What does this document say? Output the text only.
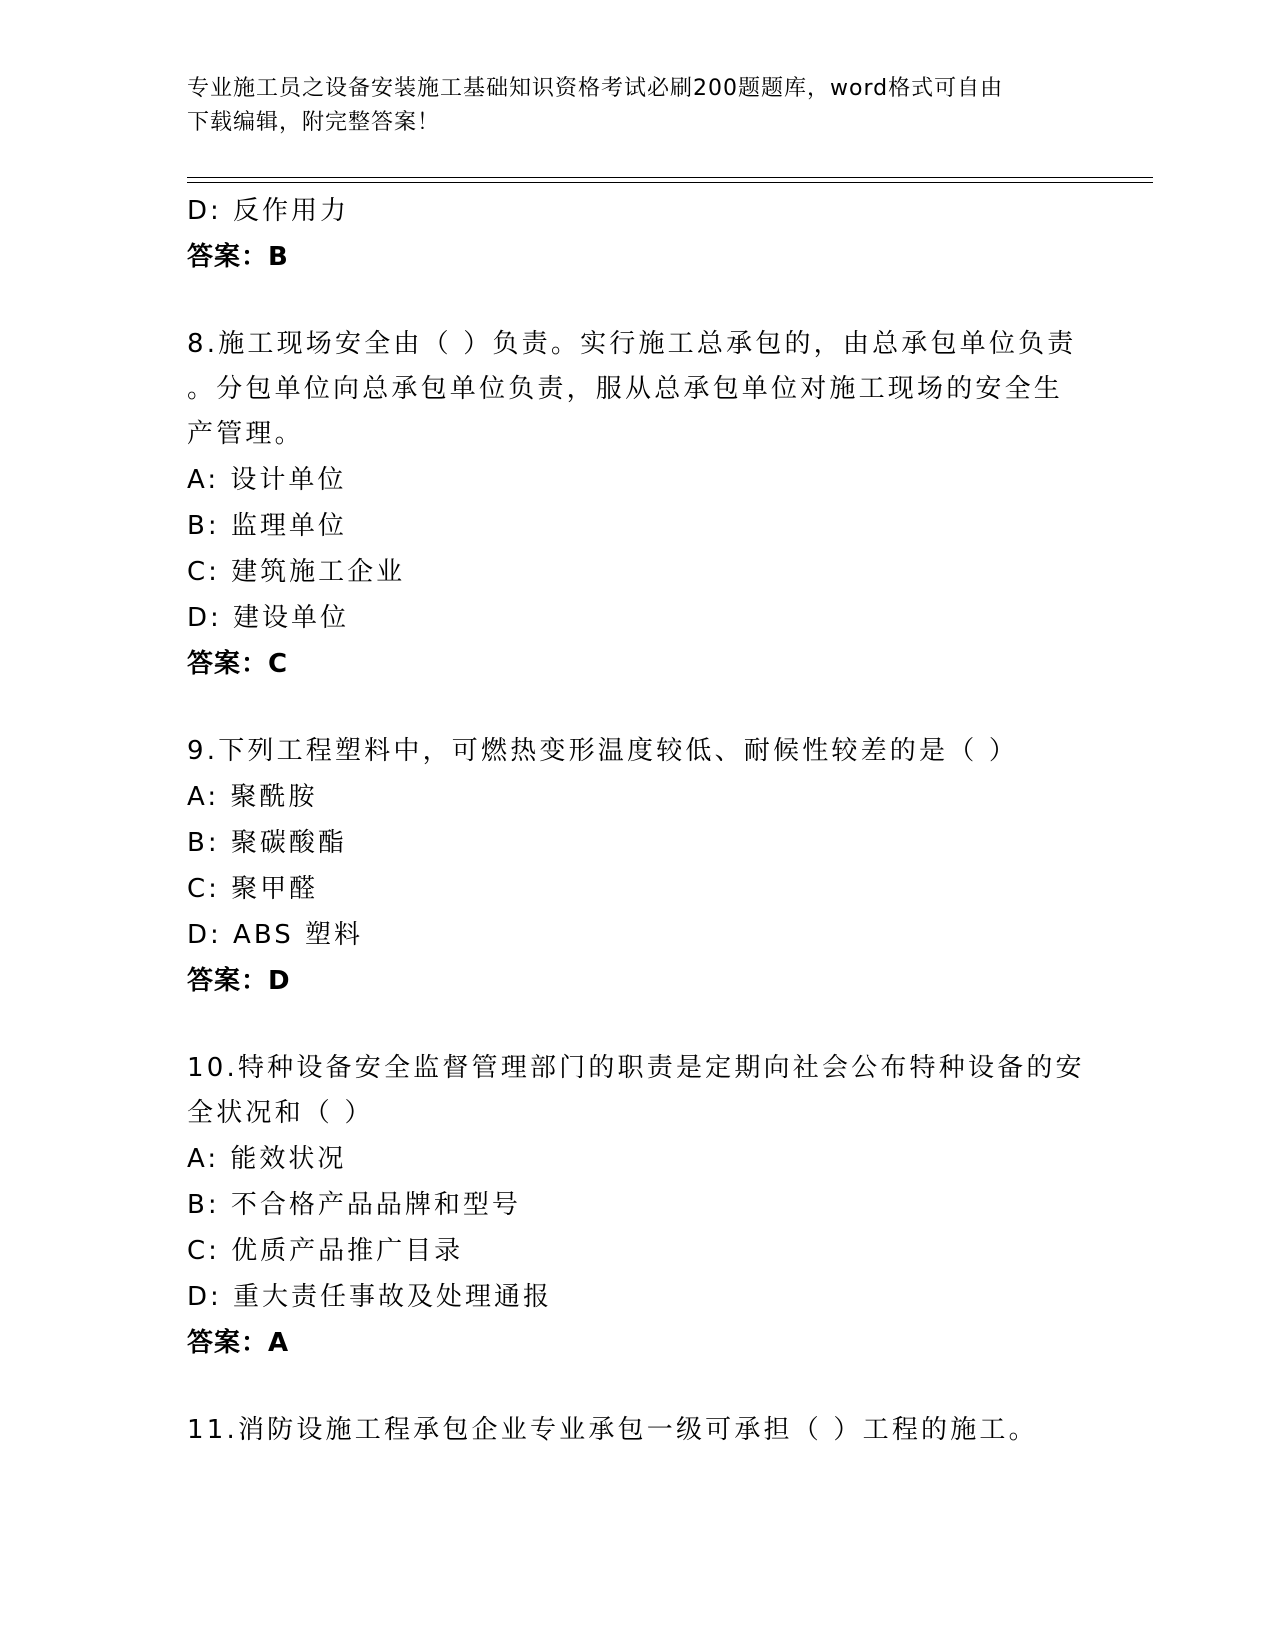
专业施工员之设备安装施工基础知识资格考试必刷200题题库，word格式可自由
下载编辑，附完整答案！
D: 反作用力
答案：B
8.施工现场安全由（ ）负责。实行施工总承包的，由总承包单位负责
。分包单位向总承包单位负责，服从总承包单位对施工现场的安全生
产管理。
A: 设计单位
B: 监理单位
C: 建筑施工企业
D: 建设单位
答案：C
9.下列工程塑料中，可燃热变形温度较低、耐候性较差的是（ ）
A: 聚酰胺
B: 聚碳酸酯
C: 聚甲醛
D: ABS 塑料
答案：D
10.特种设备安全监督管理部门的职责是定期向社会公布特种设备的安
全状况和（ ）
A: 能效状况
B: 不合格产品品牌和型号
C: 优质产品推广目录
D: 重大责任事故及处理通报
答案：A
11.消防设施工程承包企业专业承包一级可承担（ ）工程的施工。
